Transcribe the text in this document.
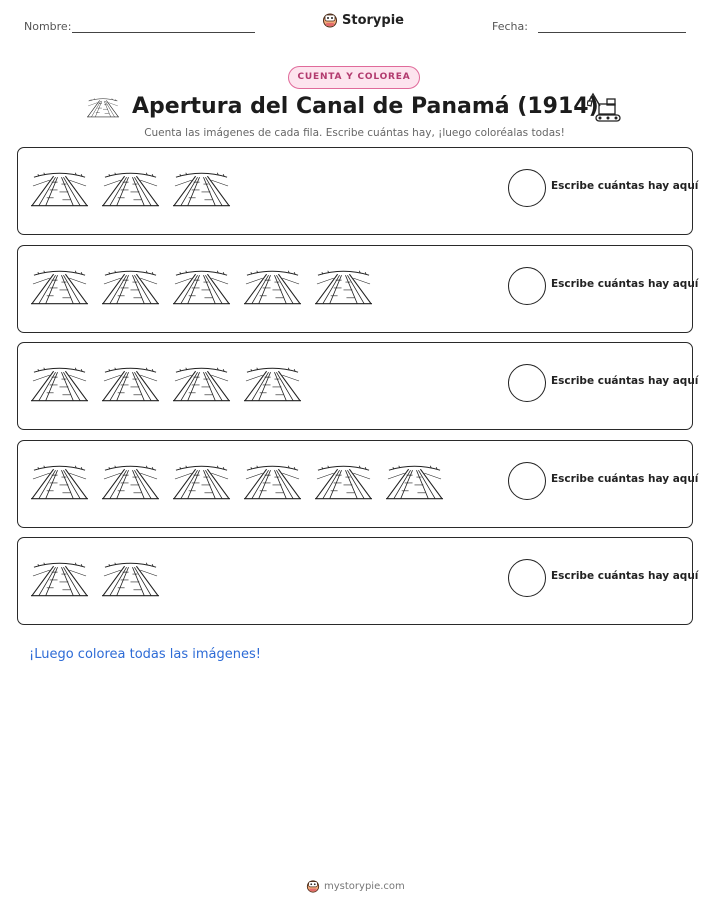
Nombre:	Storypie	Fecha:
CUENTA Y COLOREA
Apertura del Canal de Panamá (1914)
Cuenta las imágenes de cada fila. Escribe cuántas hay, ¡luego coloréalas todas!
Escribe cuántas hay aquí
Escribe cuántas hay aquí
Escribe cuántas hay aquí
Escribe cuántas hay aquí
Escribe cuántas hay aquí
¡Luego colorea todas las imágenes!
mystorypie.com
